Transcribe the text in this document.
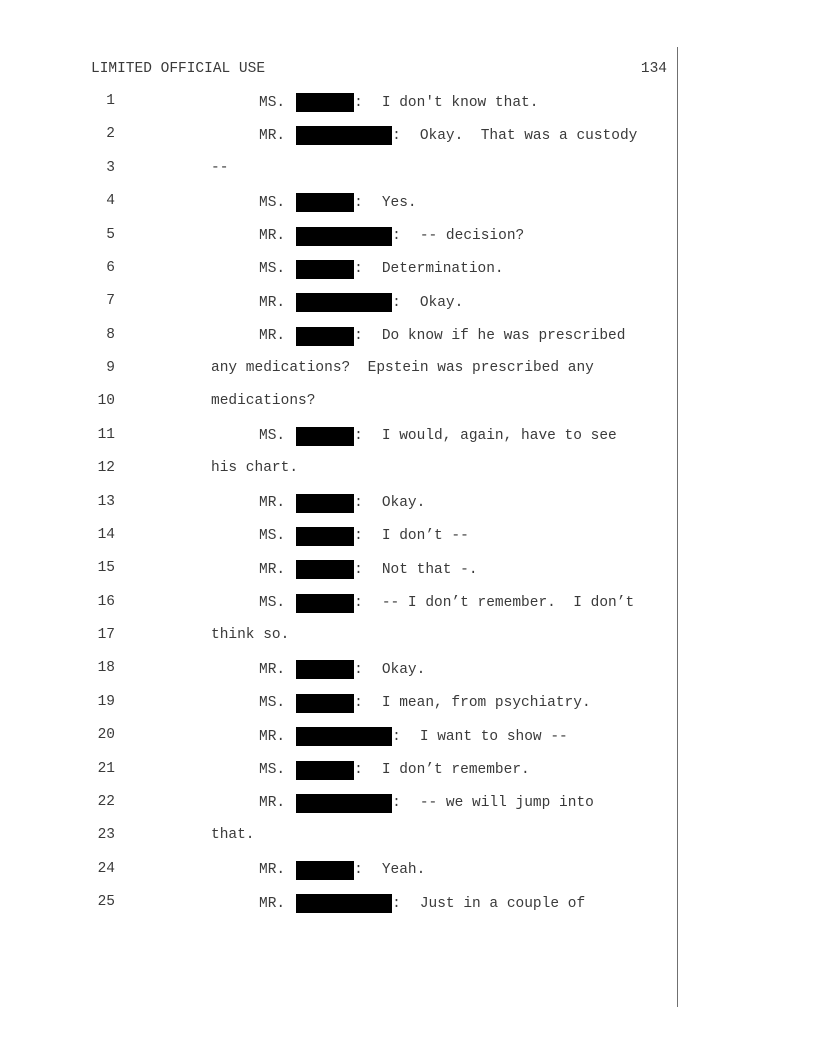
LIMITED OFFICIAL USE	134
1	MS.	: I don't know that.
2	MR.	: Okay.  That was a custody
3	--
4	MS.	: Yes.
5	MR.	: -- decision?
6	MS.	: Determination.
7	MR.	: Okay.
8	MR.	: Do know if he was prescribed
9	any medications?  Epstein was prescribed any
10	medications?
11	MS.	: I would, again, have to see
12	his chart.
13	MR.	: Okay.
14	MS.	: I don’t --
15	MR.	: Not that -.
16	MS.	: -- I don’t remember.  I don’t
17	think so.
18	MR.	: Okay.
19	MS.	: I mean, from psychiatry.
20	MR.	: I want to show --
21	MS.	: I don’t remember.
22	MR.	: -- we will jump into
23	that.
24	MR.	: Yeah.
25	MR.	: Just in a couple of
